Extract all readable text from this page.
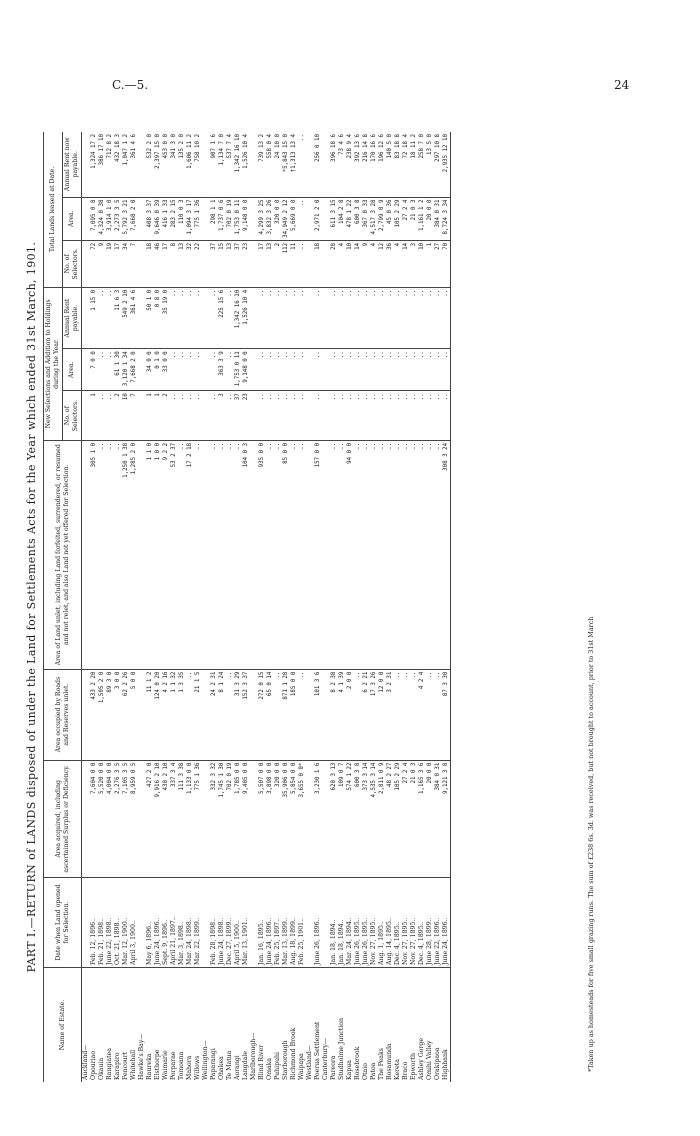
C.—5.	24
PART I.—RETURN of LANDS disposed of under the Land for Settlements Acts for the Year which ended 31st March, 1901.
Name of Estate.	Date when Land opened for Selection.	Area acquired, including ascertained Surplus or Deficiency.	Area occupied by Roads and Reserves unlet.	Area of Land unlet, including Land forfeited, surrendered, or resumed and not relet, and also Land not yet offered for Selection.	New Selections and Addition to Holdings during the Year.			Total Lands leased at Date.		
					No. of Selectors.	Area.	Annual Rent payable.	No. of Selectors.	Area.	Annual Rent now payable.
Auckland—										
Opouriao	Feb. 12, 1896..	7,604 0 0	433 2 20	305 1 0	1	7 0 0	1 15 0	72	7,095 0 8	1,324 17 2
Okauia	Feb. 21, 1898..	5,520 0 0	1,505 2 0	..	..	..	..	9	4,324 0 38	386 17 10
Rangiatea	June 22, 1898..	4,004 0 0	89 3 0	..	..	..	..	19	3,914 1 0	712 8 2
Karapiro	Oct. 21, 1898..	2,276 3 5	3 0 0	..	2	61 1 30	11 6 3	17	2,273 3 5	432 18 3
Fencourt	Mar. 12, 1900..	7,105 3 5	62 2 26	1,250 1 38	10	3,120 1 34	549 2 10	34	5,792 3 21	1,047 1 2
Whitehall	April 3, 1900..	8,959 0 5	5 0 0	1,285 2 0	7	7,668 2 0	361 4 6	7	7,668 2 0	361 4 6
Hawke's Bay—										
Raureka	May 6, 1896..	427 2 0	11 1 2	1 1 0	1	34 0 0	50 1 0	18	408 3 37	532 2 0
Elsthorpe	June 24, 1896..	9,916 2 10	124 0 20	1 0 0	1	0 1 0	0 8 0	46	9,646 0 39	2,397 15 0
Waimarie	Sept. 9, 1896..	430 2 10	4 2 16	9 2 2	2	33 0 0	35 19 0	17	416 1 33	453 0 0
Porparae	April 21, 1897..	337 3 4	1 1 32	53 2 37	..	..	..	8	283 2 15	341 3 0
Tomoana	Mar. 3, 1898..	111 3 38	1 3 35	..	..	..	..	13	110 0 3	135 2 0
Mahora	Mar. 24, 1898..	1,133 0 0	..	17 2 18	..	..	..	32	1,094 3 17	1,606 11 2
Willows	Mar. 22, 1899..	775 1 36	21 1 5	..	..	..	..	22	775 1 36	758 10 2
Wellington—										
Paparangi	Feb. 28, 1898..	332 3 32	24 2 31	..	..	..	..	37	298 1 1	907 1 6
Ohakea	June 24, 1898..	1,745 1 30	8 1 24	..	3	363 3 9	225 15 6	15	1,737 0 6	1,134 7 0
Te Matua	Dec. 27, 1899..	702 0 19	..	..	..	..	..	13	702 0 19	537 7 4
Aorangi	April 5, 1900..	1,785 0 0	31 3 29	..	37	1,753 0 11	1,342 16 10	37	1,753 0 11	1,342 16 10
Langdale	Mar. 13, 1901..	9,405 0 0	152 3 37	104 0 3	23	9,148 0 0	1,526 10 4	23	9,148 0 0	1,526 10 4
Marlborough—										
Blind River	Jan. 16, 1895..	5,507 0 0	272 0 15	935 0 0	..	..	..	17	4,299 3 25	739 13 2
Omaka	June 24, 1896..	3,898 0 0	65 0 14	..	..	..	..	13	3,832 3 26	558 0 4
Puhipuhi	Feb. 25, 1897..	320 0 0	..	..	..	..	..	2	320 0 0	24 10 0
Starborough	Mar. 13, 1899..	35,906 0 0	871 1 28	85 0 0	..	..	..	112	34,949 2 12	*5,843 15 0
Richmond Brook	Aug. 18, 1899..	5,854 0 0	185 0 0	..	..	..	..	11	5,669 0 0	†1,313 13 4
Waipapa	Feb. 25, 1901..	3,655 0 0*	..	..	..	..	..	..	..	..
Westland—										
Poerua Settlement	June 26, 1896..	3,230 1 6	101 3 6	157 0 0	..	..	..	18	2,971 2 0	256 0 10
Canterbury—										
Pareora	Jan. 18, 1894..	620 3 13	8 2 38	..	..	..	..	28	611 3 15	396 18 6
Studholme Junction	Jan. 18, 1894..	109 0 7	4 1 39	..	..	..	..	4	104 2 8	73 4 6
Kapua	Mar. 24, 1894..	574 1 22	2 0 0	94 0 0	..	..	..	10	478 1 22	238 9 4
Rosebrook	June 26, 1895..	600 3 8	..	..	..	..	..	14	600 3 8	392 13 6
Otaio	June 26, 1895..	373 3 14	6 2 21	..	..	..	..	9	367 0 33	216 14 8
Patoa	Nov. 27, 1895..	4,535 3 14	17 3 26	..	..	..	..	4	4,517 3 28	170 16 6
The Peaks	Aug. 1, 1895..	2,811 0 9	12 0 0	..	..	..	..	12	2,799 0 9	196 12 6
Rosamunda	Aug. 14, 1895..	48 2 27	3 2 31	..	..	..	..	36	45 0 36	140 5 0
Kereta	Dec. 4, 1895..	105 2 29	..	..	..	..	..	4	105 2 29	83 18 8
Braco	Nov. 27, 1895..	27 2 4	..	..	..	..	..	14	27 2 4	72 18 4
Epworth	Nov. 27, 1895..	21 0 3	..	..	..	..	..	3	21 0 3	18 11 2
Ashley Gorge	Dec. 4, 1895..	1,165 3 6	4 2 4	..	..	..	..	10	1,161 1 2	258 7 0
Omihi Valley	June 28, 1899..	20 0 0	..	..	..	..	..	1	20 0 0	13 5 0
Orakipaoa	June 22, 1896..	384 0 31	..	..	..	..	..	27	384 0 31	297 10 8
Highbank	June 24, 1896..	9,121 3 8	87 3 30	308 3 24	..	..	..	70	8,724 3 34	2,935 12 10
*Taken up as homesteads for five small grazing runs. The sum of £238 6s. 3d. was received, but not brought to account, prior to 31st March
